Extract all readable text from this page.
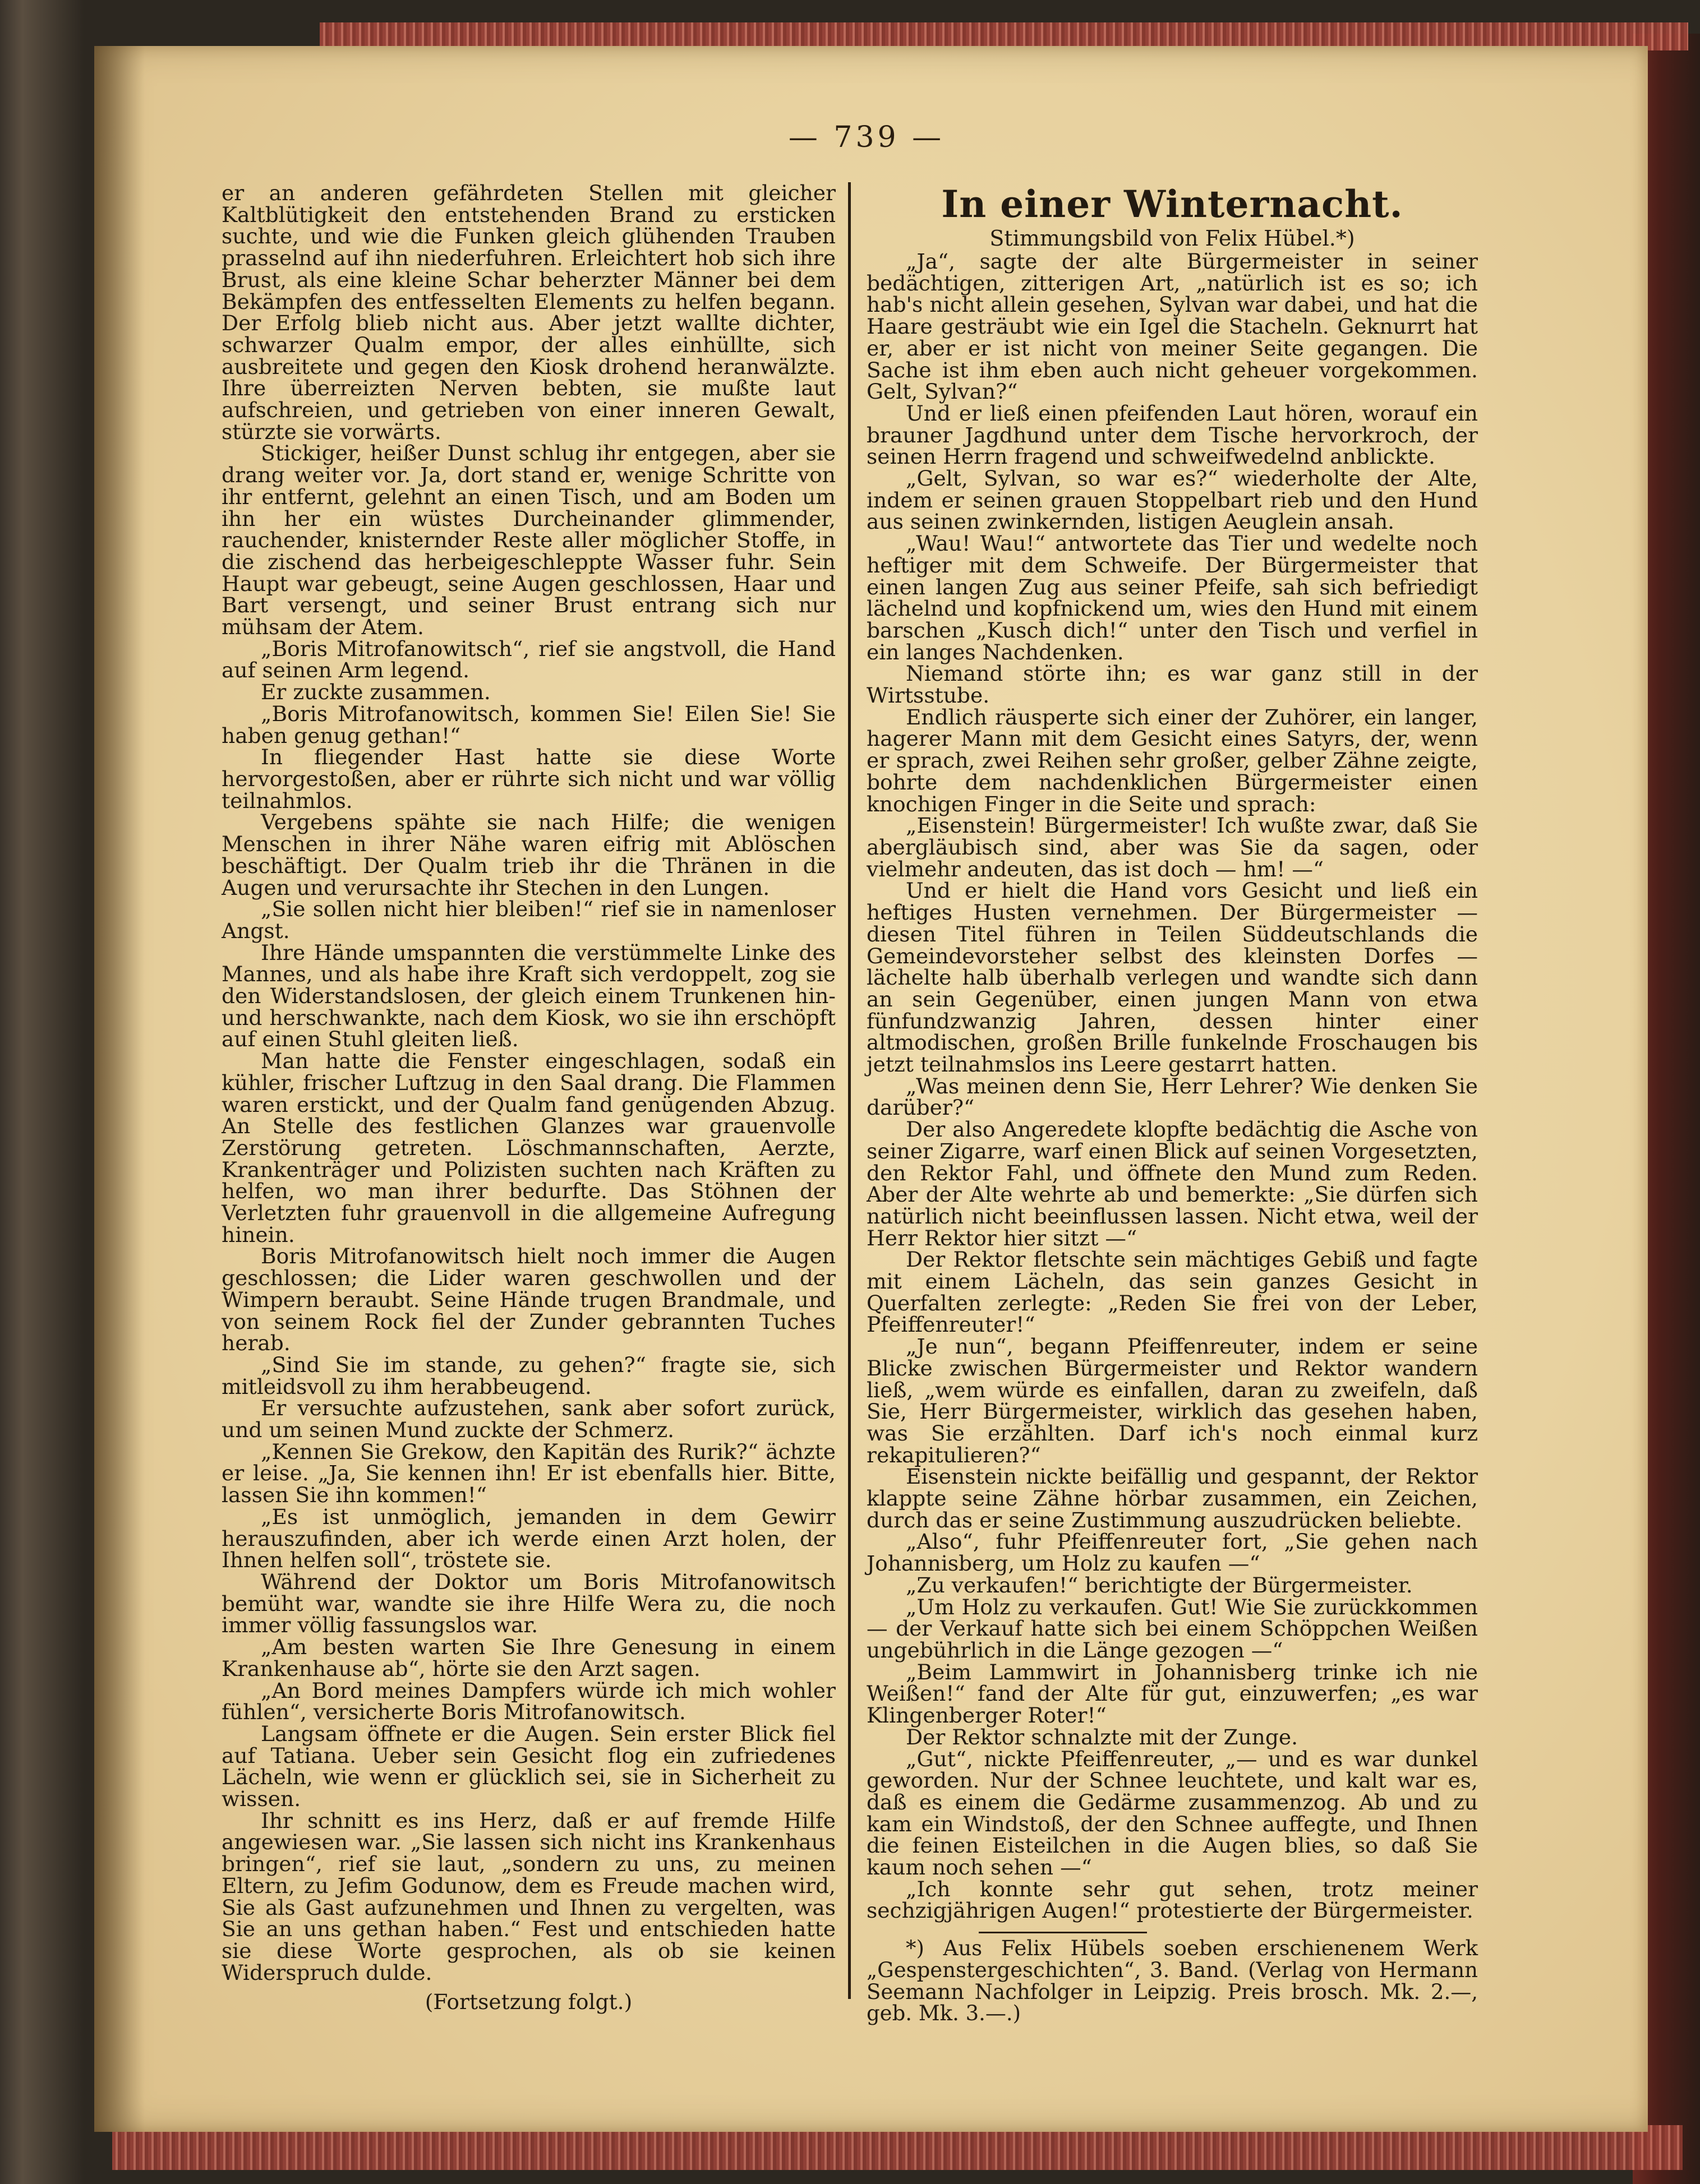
— 739 —

er an anderen gefährdeten Stellen mit gleicher Kaltblütigkeit den entstehenden Brand zu ersticken suchte, und wie die Funken gleich glühenden Trauben prasselnd auf ihn niederfuhren. Erleichtert hob sich ihre Brust, als eine kleine Schar beherzter Männer bei dem Bekämpfen des entfesselten Elements zu helfen begann. Der Erfolg blieb nicht aus. Aber jetzt wallte dichter, schwarzer Qualm empor, der alles einhüllte, sich ausbreitete und gegen den Kiosk drohend heranwälzte. Ihre überreizten Nerven bebten, sie mußte laut aufschreien, und getrieben von einer inneren Gewalt, stürzte sie vorwärts.

Stickiger, heißer Dunst schlug ihr entgegen, aber sie drang weiter vor. Ja, dort stand er, wenige Schritte von ihr entfernt, gelehnt an einen Tisch, und am Boden um ihn her ein wüstes Durcheinander glimmender, rauchender, knisternder Reste aller möglicher Stoffe, in die zischend das herbeigeschleppte Wasser fuhr. Sein Haupt war gebeugt, seine Augen geschlossen, Haar und Bart versengt, und seiner Brust entrang sich nur mühsam der Atem.

„Boris Mitrofanowitsch“, rief sie angstvoll, die Hand auf seinen Arm legend.

Er zuckte zusammen.

„Boris Mitrofanowitsch, kommen Sie! Eilen Sie! Sie haben genug gethan!“

In fliegender Hast hatte sie diese Worte hervorgestoßen, aber er rührte sich nicht und war völlig teilnahmlos.

Vergebens spähte sie nach Hilfe; die wenigen Menschen in ihrer Nähe waren eifrig mit Ablöschen beschäftigt. Der Qualm trieb ihr die Thränen in die Augen und verursachte ihr Stechen in den Lungen.

„Sie sollen nicht hier bleiben!“ rief sie in namenloser Angst.

Ihre Hände umspannten die verstümmelte Linke des Mannes, und als habe ihre Kraft sich verdoppelt, zog sie den Widerstandslosen, der gleich einem Trunkenen hin- und herschwankte, nach dem Kiosk, wo sie ihn erschöpft auf einen Stuhl gleiten ließ.

Man hatte die Fenster eingeschlagen, sodaß ein kühler, frischer Luftzug in den Saal drang. Die Flammen waren erstickt, und der Qualm fand genügenden Abzug. An Stelle des festlichen Glanzes war grauenvolle Zerstörung getreten. Löschmannschaften, Aerzte, Krankenträger und Polizisten suchten nach Kräften zu helfen, wo man ihrer bedurfte. Das Stöhnen der Verletzten fuhr grauenvoll in die allgemeine Aufregung hinein.

Boris Mitrofanowitsch hielt noch immer die Augen geschlossen; die Lider waren geschwollen und der Wimpern beraubt. Seine Hände trugen Brandmale, und von seinem Rock fiel der Zunder gebrannten Tuches herab.

„Sind Sie im stande, zu gehen?“ fragte sie, sich mitleidsvoll zu ihm herabbeugend.

Er versuchte aufzustehen, sank aber sofort zurück, und um seinen Mund zuckte der Schmerz.

„Kennen Sie Grekow, den Kapitän des Rurik?“ ächzte er leise. „Ja, Sie kennen ihn! Er ist ebenfalls hier. Bitte, lassen Sie ihn kommen!“

„Es ist unmöglich, jemanden in dem Gewirr herauszufinden, aber ich werde einen Arzt holen, der Ihnen helfen soll“, tröstete sie.

Während der Doktor um Boris Mitrofanowitsch bemüht war, wandte sie ihre Hilfe Wera zu, die noch immer völlig fassungslos war.

„Am besten warten Sie Ihre Genesung in einem Krankenhause ab“, hörte sie den Arzt sagen.

„An Bord meines Dampfers würde ich mich wohler fühlen“, versicherte Boris Mitrofanowitsch.

Langsam öffnete er die Augen. Sein erster Blick fiel auf Tatiana. Ueber sein Gesicht flog ein zufriedenes Lächeln, wie wenn er glücklich sei, sie in Sicherheit zu wissen.

Ihr schnitt es ins Herz, daß er auf fremde Hilfe angewiesen war. „Sie lassen sich nicht ins Krankenhaus bringen“, rief sie laut, „sondern zu uns, zu meinen Eltern, zu Jefim Godunow, dem es Freude machen wird, Sie als Gast aufzunehmen und Ihnen zu vergelten, was Sie an uns gethan haben.“ Fest und entschieden hatte sie diese Worte gesprochen, als ob sie keinen Widerspruch dulde.

(Fortsetzung folgt.)

In einer Winternacht.
Stimmungsbild von Felix Hübel.*)

„Ja“, sagte der alte Bürgermeister in seiner bedächtigen, zitterigen Art, „natürlich ist es so; ich hab's nicht allein gesehen, Sylvan war dabei, und hat die Haare gesträubt wie ein Igel die Stacheln. Geknurrt hat er, aber er ist nicht von meiner Seite gegangen. Die Sache ist ihm eben auch nicht geheuer vorgekommen. Gelt, Sylvan?“

Und er ließ einen pfeifenden Laut hören, worauf ein brauner Jagdhund unter dem Tische hervorkroch, der seinen Herrn fragend und schweifwedelnd anblickte.

„Gelt, Sylvan, so war es?“ wiederholte der Alte, indem er seinen grauen Stoppelbart rieb und den Hund aus seinen zwinkernden, listigen Aeuglein ansah.

„Wau! Wau!“ antwortete das Tier und wedelte noch heftiger mit dem Schweife. Der Bürgermeister that einen langen Zug aus seiner Pfeife, sah sich befriedigt lächelnd und kopfnickend um, wies den Hund mit einem barschen „Kusch dich!“ unter den Tisch und verfiel in ein langes Nachdenken.

Niemand störte ihn; es war ganz still in der Wirtsstube.

Endlich räusperte sich einer der Zuhörer, ein langer, hagerer Mann mit dem Gesicht eines Satyrs, der, wenn er sprach, zwei Reihen sehr großer, gelber Zähne zeigte, bohrte dem nachdenklichen Bürgermeister einen knochigen Finger in die Seite und sprach:

„Eisenstein! Bürgermeister! Ich wußte zwar, daß Sie abergläubisch sind, aber was Sie da sagen, oder vielmehr andeuten, das ist doch — hm! —“

Und er hielt die Hand vors Gesicht und ließ ein heftiges Husten vernehmen. Der Bürgermeister — diesen Titel führen in Teilen Süddeutschlands die Gemeindevorsteher selbst des kleinsten Dorfes — lächelte halb überhalb verlegen und wandte sich dann an sein Gegenüber, einen jungen Mann von etwa fünfundzwanzig Jahren, dessen hinter einer altmodischen, großen Brille funkelnde Froschaugen bis jetzt teilnahmslos ins Leere gestarrt hatten.

„Was meinen denn Sie, Herr Lehrer? Wie denken Sie darüber?“

Der also Angeredete klopfte bedächtig die Asche von seiner Zigarre, warf einen Blick auf seinen Vorgesetzten, den Rektor Fahl, und öffnete den Mund zum Reden. Aber der Alte wehrte ab und bemerkte: „Sie dürfen sich natürlich nicht beeinflussen lassen. Nicht etwa, weil der Herr Rektor hier sitzt —“

Der Rektor fletschte sein mächtiges Gebiß und fagte mit einem Lächeln, das sein ganzes Gesicht in Querfalten zerlegte: „Reden Sie frei von der Leber, Pfeiffenreuter!“

„Je nun“, begann Pfeiffenreuter, indem er seine Blicke zwischen Bürgermeister und Rektor wandern ließ, „wem würde es einfallen, daran zu zweifeln, daß Sie, Herr Bürgermeister, wirklich das gesehen haben, was Sie erzählten. Darf ich's noch einmal kurz rekapitulieren?“

Eisenstein nickte beifällig und gespannt, der Rektor klappte seine Zähne hörbar zusammen, ein Zeichen, durch das er seine Zustimmung auszudrücken beliebte.

„Also“, fuhr Pfeiffenreuter fort, „Sie gehen nach Johannisberg, um Holz zu kaufen —“

„Zu verkaufen!“ berichtigte der Bürgermeister.

„Um Holz zu verkaufen. Gut! Wie Sie zurückkommen — der Verkauf hatte sich bei einem Schöppchen Weißen ungebührlich in die Länge gezogen —“

„Beim Lammwirt in Johannisberg trinke ich nie Weißen!“ fand der Alte für gut, einzuwerfen; „es war Klingenberger Roter!“

Der Rektor schnalzte mit der Zunge.

„Gut“, nickte Pfeiffenreuter, „— und es war dunkel geworden. Nur der Schnee leuchtete, und kalt war es, daß es einem die Gedärme zusammenzog. Ab und zu kam ein Windstoß, der den Schnee auffegte, und Ihnen die feinen Eisteilchen in die Augen blies, so daß Sie kaum noch sehen —“

„Ich konnte sehr gut sehen, trotz meiner sechzigjährigen Augen!“ protestierte der Bürgermeister.

*) Aus Felix Hübels soeben erschienenem Werk „Gespenstergeschichten“, 3. Band. (Verlag von Hermann Seemann Nachfolger in Leipzig. Preis brosch. Mk. 2.—, geb. Mk. 3.—.)
